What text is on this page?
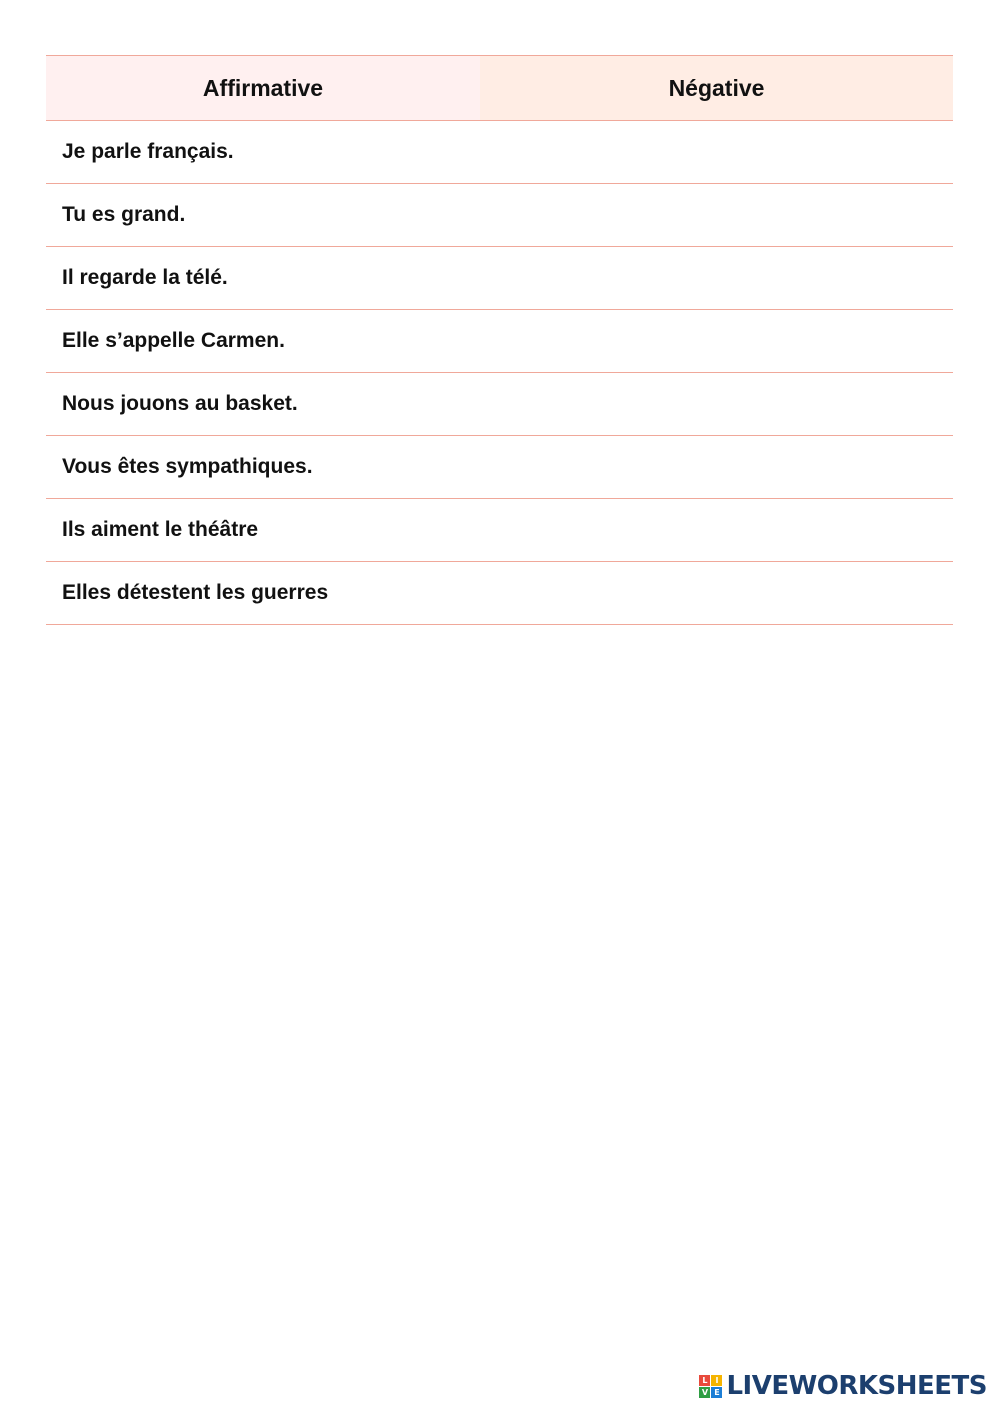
Affirmative	Négative
Je parle français.	
Tu es grand.	
Il regarde la télé.	
Elle s’appelle Carmen.	
Nous jouons au basket.	
Vous êtes sympathiques.	
Ils aiment le théâtre	
Elles détestent les guerres	
L I
V E LIVEWORKSHEETS
